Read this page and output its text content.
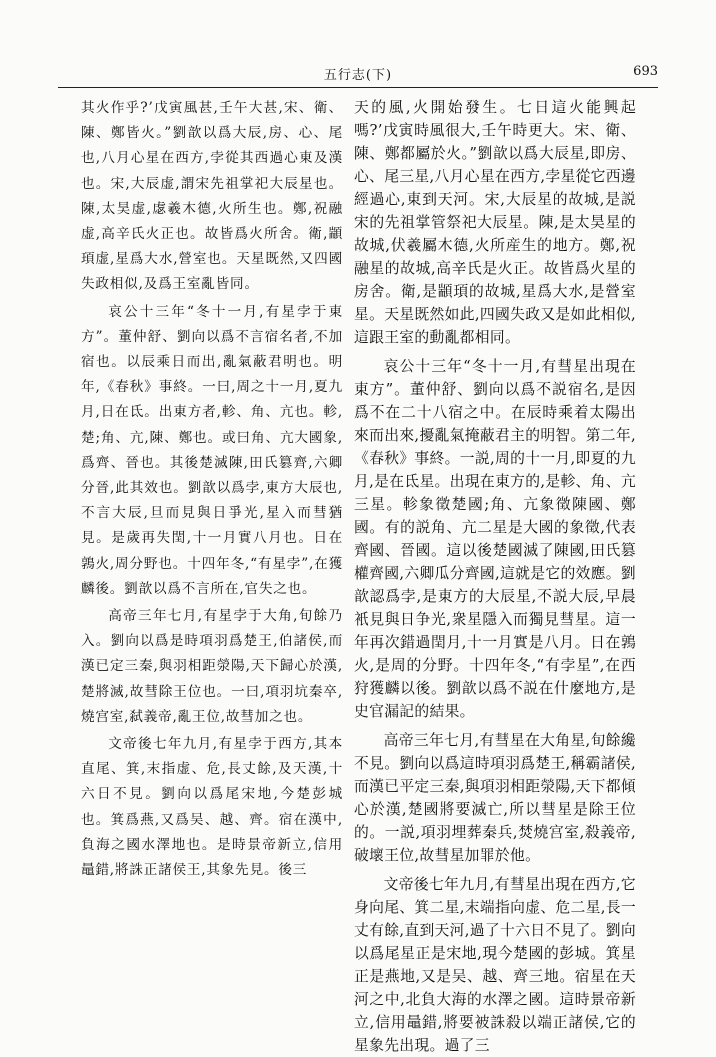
五行志(下)	693

其火作乎?’戊寅風甚,壬午大甚,宋、衛、陳、鄭皆火。”劉歆以爲大辰,房、心、尾也,八月心星在西方,孛從其西過心東及漢也。宋,大辰虚,謂宋先祖掌祀大辰星也。陳,太昊虚,虙羲木德,火所生也。鄭,祝融虚,高辛氏火正也。故皆爲火所舍。衛,顓頊虚,星爲大水,營室也。天星既然,又四國失政相似,及爲王室亂皆同。

哀公十三年“冬十一月,有星孛于東方”。董仲舒、劉向以爲不言宿名者,不加宿也。以辰乘日而出,亂氣蔽君明也。明年,《春秋》事終。一曰,周之十一月,夏九月,日在氐。出東方者,軫、角、亢也。軫,楚;角、亢,陳、鄭也。或曰角、亢大國象,爲齊、晉也。其後楚滅陳,田氏篡齊,六卿分晉,此其效也。劉歆以爲孛,東方大辰也,不言大辰,旦而見與日爭光,星入而彗猶見。是歲再失閏,十一月實八月也。日在鶉火,周分野也。十四年冬,“有星孛”,在獲麟後。劉歆以爲不言所在,官失之也。

高帝三年七月,有星孛于大角,旬餘乃入。劉向以爲是時項羽爲楚王,伯諸侯,而漢已定三秦,與羽相距滎陽,天下歸心於漢,楚將滅,故彗除王位也。一曰,項羽坑秦卒,燒宫室,弑義帝,亂王位,故彗加之也。

文帝後七年九月,有星孛于西方,其本直尾、箕,末指虚、危,長丈餘,及天漢,十六日不見。劉向以爲尾宋地,今楚彭城也。箕爲燕,又爲吴、越、齊。宿在漢中,負海之國水澤地也。是時景帝新立,信用鼂錯,將誅正諸侯王,其象先見。後三

天的風,火開始發生。七日這火能興起嗎?’戊寅時風很大,壬午時更大。宋、衛、陳、鄭都屬於火。”劉歆以爲大辰星,即房、心、尾三星,八月心星在西方,孛星從它西邊經過心,東到天河。宋,大辰星的故城,是説宋的先祖掌管祭祀大辰星。陳,是太昊星的故城,伏羲屬木德,火所産生的地方。鄭,祝融星的故城,高辛氏是火正。故皆爲火星的房舍。衛,是顓頊的故城,星爲大水,是營室星。天星既然如此,四國失政又是如此相似,這跟王室的動亂都相同。

哀公十三年“冬十一月,有彗星出現在東方”。董仲舒、劉向以爲不説宿名,是因爲不在二十八宿之中。在辰時乘着太陽出來而出來,擾亂氣掩蔽君主的明智。第二年,《春秋》事終。一説,周的十一月,即夏的九月,是在氐星。出現在東方的,是軫、角、亢三星。軫象徵楚國;角、亢象徵陳國、鄭國。有的説角、亢二星是大國的象徵,代表齊國、晉國。這以後楚國滅了陳國,田氏篡權齊國,六卿瓜分齊國,這就是它的效應。劉歆認爲孛,是東方的大辰星,不説大辰,早晨衹見與日争光,衆星隱入而獨見彗星。這一年再次錯過閏月,十一月實是八月。日在鶉火,是周的分野。十四年冬,“有孛星”,在西狩獲麟以後。劉歆以爲不説在什麼地方,是史官漏記的結果。

高帝三年七月,有彗星在大角星,旬餘纔不見。劉向以爲這時項羽爲楚王,稱霸諸侯,而漢已平定三秦,與項羽相距滎陽,天下都傾心於漢,楚國將要滅亡,所以彗星是除王位的。一説,項羽埋葬秦兵,焚燒宫室,殺義帝,破壞王位,故彗星加罪於他。

文帝後七年九月,有彗星出現在西方,它身向尾、箕二星,末端指向虚、危二星,長一丈有餘,直到天河,過了十六日不見了。劉向以爲尾星正是宋地,現今楚國的彭城。箕星正是燕地,又是吴、越、齊三地。宿星在天河之中,北負大海的水澤之國。這時景帝新立,信用鼂錯,將要被誅殺以端正諸侯,它的星象先出現。過了三
